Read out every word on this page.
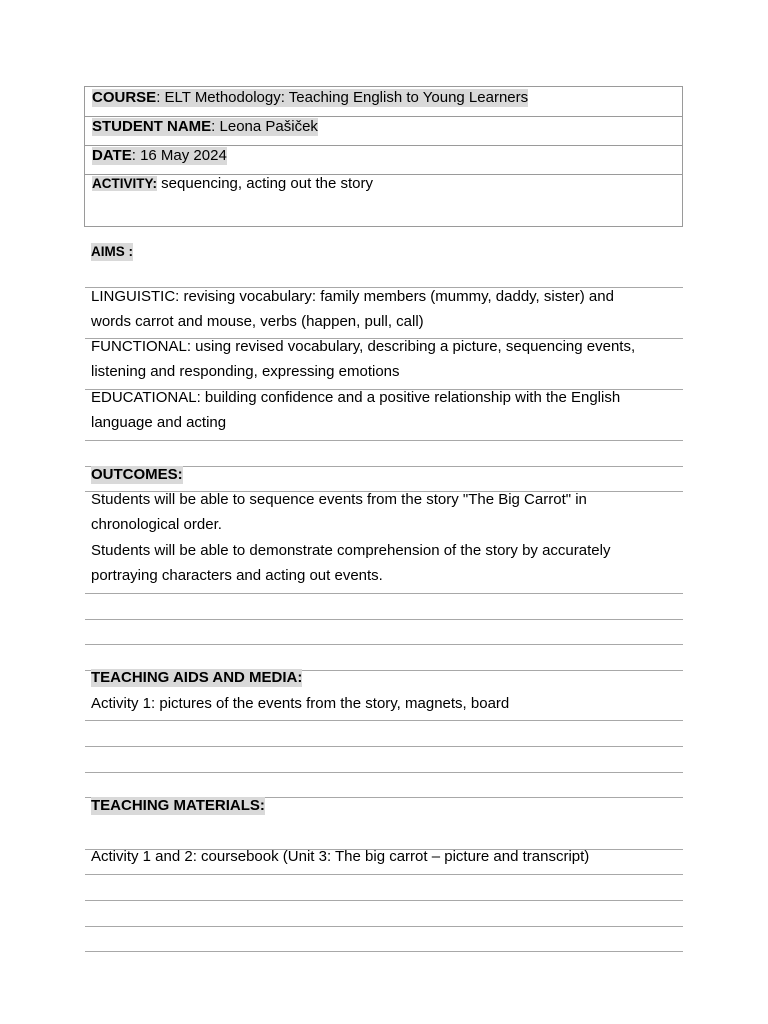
COURSE: ELT Methodology: Teaching English to Young Learners
STUDENT NAME: Leona Pašiček
DATE: 16 May 2024
ACTIVITY: sequencing, acting out the story
AIMS :
LINGUISTIC: revising vocabulary: family members (mummy, daddy, sister) and
words carrot and mouse, verbs (happen, pull, call)
FUNCTIONAL: using revised vocabulary, describing a picture, sequencing events,
listening and responding, expressing emotions
EDUCATIONAL: building confidence and a positive relationship with the English
language and acting
OUTCOMES:
Students will be able to sequence events from the story "The Big Carrot" in
chronological order.
Students will be able to demonstrate comprehension of the story by accurately
portraying characters and acting out events.
TEACHING AIDS AND MEDIA:
Activity 1: pictures of the events from the story, magnets, board
TEACHING MATERIALS:
Activity 1 and 2: coursebook (Unit 3: The big carrot – picture and transcript)
